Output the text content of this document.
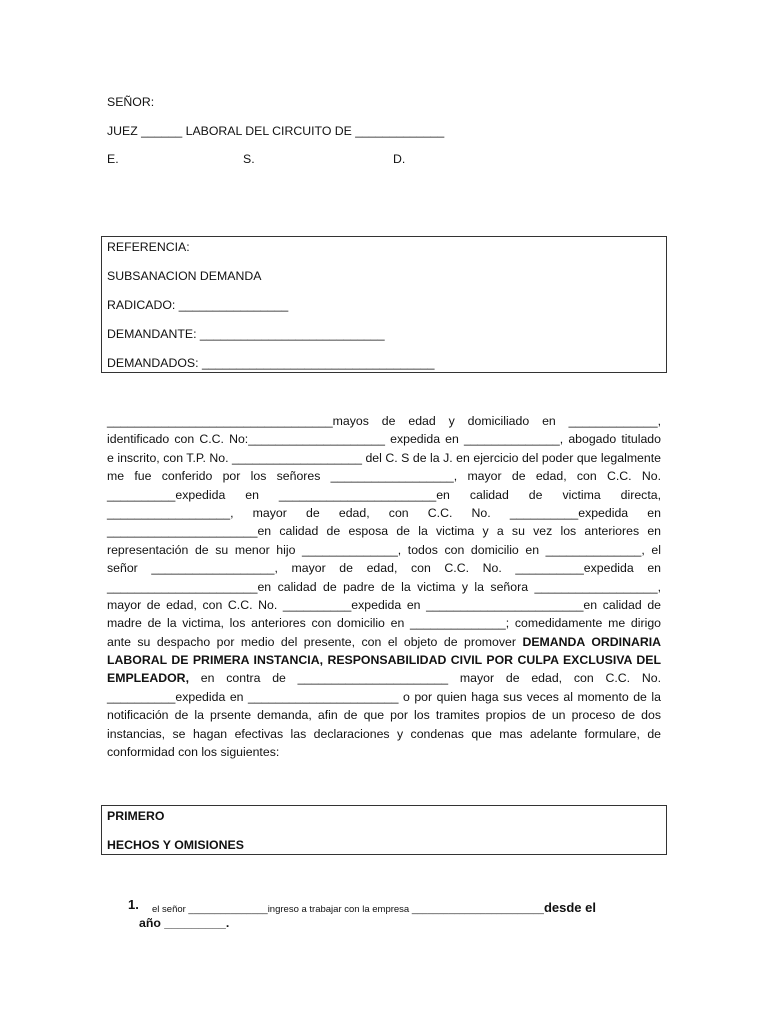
SEÑOR:
JUEZ ______ LABORAL DEL CIRCUITO DE _____________
E.	S.	D.
REFERENCIA:
SUBSANACION DEMANDA
RADICADO: ________________
DEMANDANTE: ___________________________
DEMANDADOS: __________________________________
_________________________________mayos de edad y domiciliado en _____________,
identificado con C.C. No:____________________ expedida en ______________, abogado titulado
e inscrito, con T.P. No. ___________________ del C. S de la J. en ejercicio del poder que legalmente
me fue conferido por los señores __________________, mayor de edad, con C.C. No.
__________expedida en _______________________en calidad de victima directa,
__________________, mayor de edad, con C.C. No. __________expedida en
______________________en calidad de esposa de la victima y a su vez los anteriores en
representación de su menor hijo ______________, todos con domicilio en ______________, el
señor __________________, mayor de edad, con C.C. No. __________expedida en
______________________en calidad de padre de la victima y la señora __________________,
mayor de edad, con C.C. No. __________expedida en _______________________en calidad de
madre de la victima, los anteriores con domicilio en ______________; comedidamente me dirigo
ante su despacho por medio del presente, con el objeto de promover DEMANDA ORDINARIA
LABORAL DE PRIMERA INSTANCIA, RESPONSABILIDAD CIVIL POR CULPA EXCLUSIVA DEL
EMPLEADOR, en contra de ______________________ mayor de edad, con C.C. No.
__________expedida en ______________________ o por quien haga sus veces al momento de la
notificación de la prsente demanda, afin de que por los tramites propios de un proceso de dos
instancias, se hagan efectivas las declaraciones y condenas que mas adelante formulare, de
conformidad con los siguientes:
PRIMERO
HECHOS Y OMISIONES
1. el señor _______________ingreso a trabajar con la empresa _________________________desde el
año _________.
